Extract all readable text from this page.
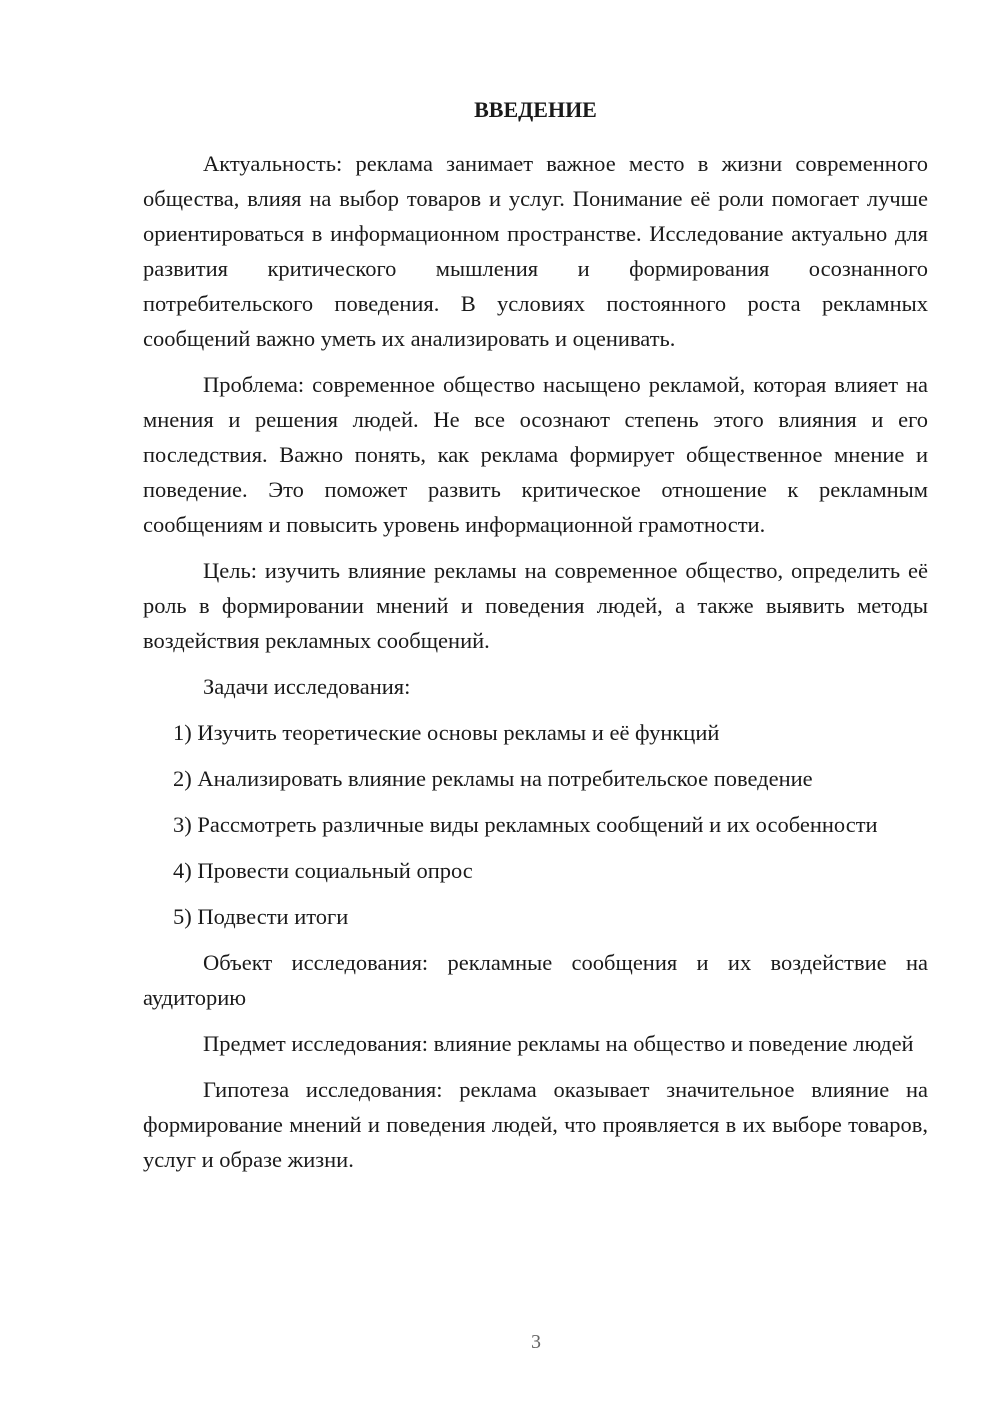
ВВЕДЕНИЕ

Актуальность: реклама занимает важное место в жизни современного общества, влияя на выбор товаров и услуг. Понимание её роли помогает лучше ориентироваться в информационном пространстве. Исследование актуально для развития критического мышления и формирования осознанного потребительского поведения. В условиях постоянного роста рекламных сообщений важно уметь их анализировать и оценивать.

Проблема: современное общество насыщено рекламой, которая влияет на мнения и решения людей. Не все осознают степень этого влияния и его последствия. Важно понять, как реклама формирует общественное мнение и поведение. Это поможет развить критическое отношение к рекламным сообщениям и повысить уровень информационной грамотности.

Цель: изучить влияние рекламы на современное общество, определить её роль в формировании мнений и поведения людей, а также выявить методы воздействия рекламных сообщений.

Задачи исследования:

1) Изучить теоретические основы рекламы и её функций

2) Анализировать влияние рекламы на потребительское поведение

3) Рассмотреть различные виды рекламных сообщений и их особенности

4) Провести социальный опрос

5) Подвести итоги

Объект исследования: рекламные сообщения и их воздействие на аудиторию

Предмет исследования: влияние рекламы на общество и поведение людей

Гипотеза исследования: реклама оказывает значительное влияние на формирование мнений и поведения людей, что проявляется в их выборе товаров, услуг и образе жизни.

3
